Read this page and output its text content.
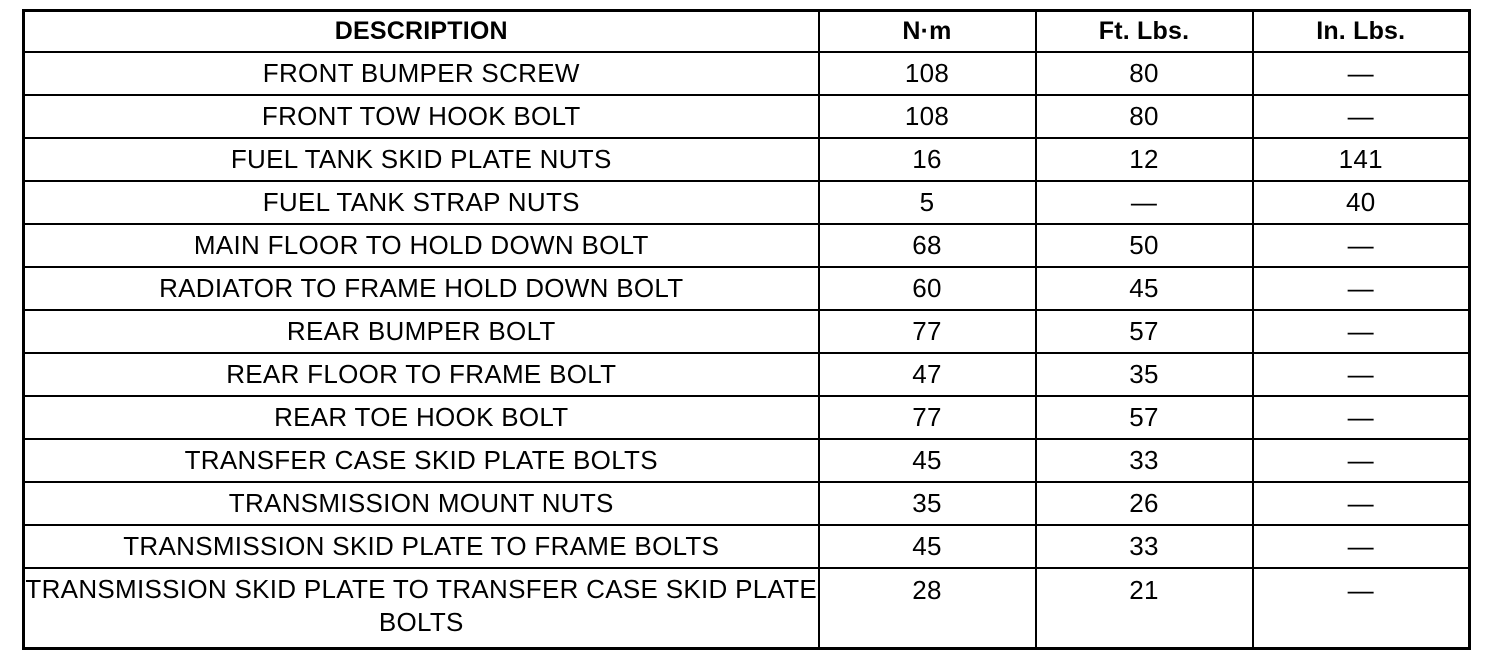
DESCRIPTION	N·m	Ft. Lbs.	In. Lbs.
FRONT BUMPER SCREW	108	80	—
FRONT TOW HOOK BOLT	108	80	—
FUEL TANK SKID PLATE NUTS	16	12	141
FUEL TANK STRAP NUTS	5	—	40
MAIN FLOOR TO HOLD DOWN BOLT	68	50	—
RADIATOR TO FRAME HOLD DOWN BOLT	60	45	—
REAR BUMPER BOLT	77	57	—
REAR FLOOR TO FRAME BOLT	47	35	—
REAR TOE HOOK BOLT	77	57	—
TRANSFER CASE SKID PLATE BOLTS	45	33	—
TRANSMISSION MOUNT NUTS	35	26	—
TRANSMISSION SKID PLATE TO FRAME BOLTS	45	33	—
TRANSMISSION SKID PLATE TO TRANSFER CASE SKID PLATE BOLTS	28	21	—
